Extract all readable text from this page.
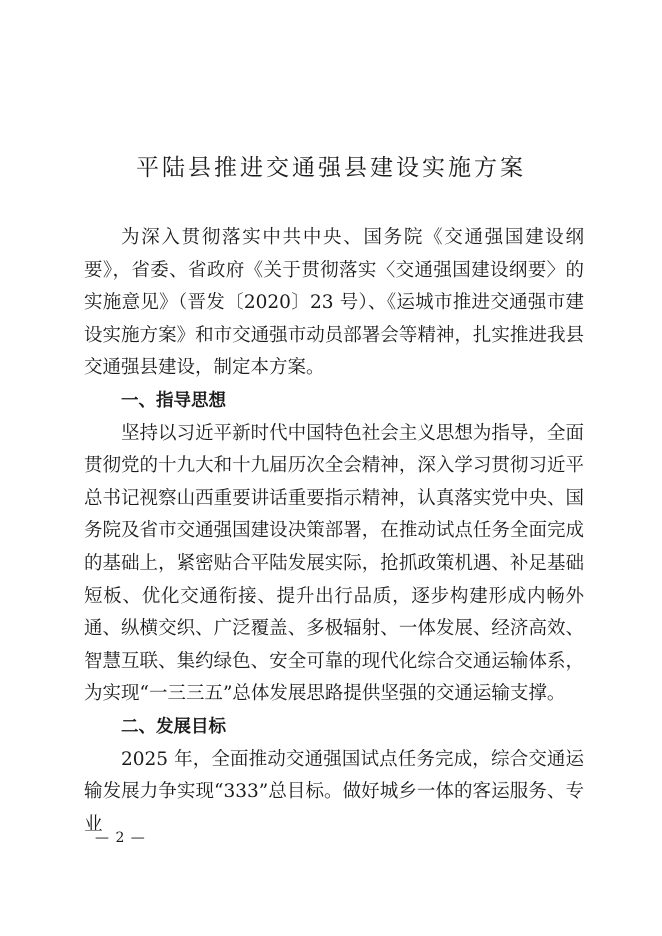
平陆县推进交通强县建设实施方案

为深入贯彻落实中共中央、国务院《交通强国建设纲要》，省委、省政府《关于贯彻落实〈交通强国建设纲要〉的实施意见》（晋发〔2020〕23 号）、《运城市推进交通强市建设实施方案》和市交通强市动员部署会等精神，扎实推进我县交通强县建设，制定本方案。

一、指导思想

坚持以习近平新时代中国特色社会主义思想为指导，全面贯彻党的十九大和十九届历次全会精神，深入学习贯彻习近平总书记视察山西重要讲话重要指示精神，认真落实党中央、国务院及省市交通强国建设决策部署，在推动试点任务全面完成的基础上，紧密贴合平陆发展实际，抢抓政策机遇、补足基础短板、优化交通衔接、提升出行品质，逐步构建形成内畅外通、纵横交织、广泛覆盖、多极辐射、一体发展、经济高效、智慧互联、集约绿色、安全可靠的现代化综合交通运输体系，为实现“一三三五”总体发展思路提供坚强的交通运输支撑。

二、发展目标

2025 年，全面推动交通强国试点任务完成，综合交通运输发展力争实现“333”总目标。做好城乡一体的客运服务、专业

— 2 —
